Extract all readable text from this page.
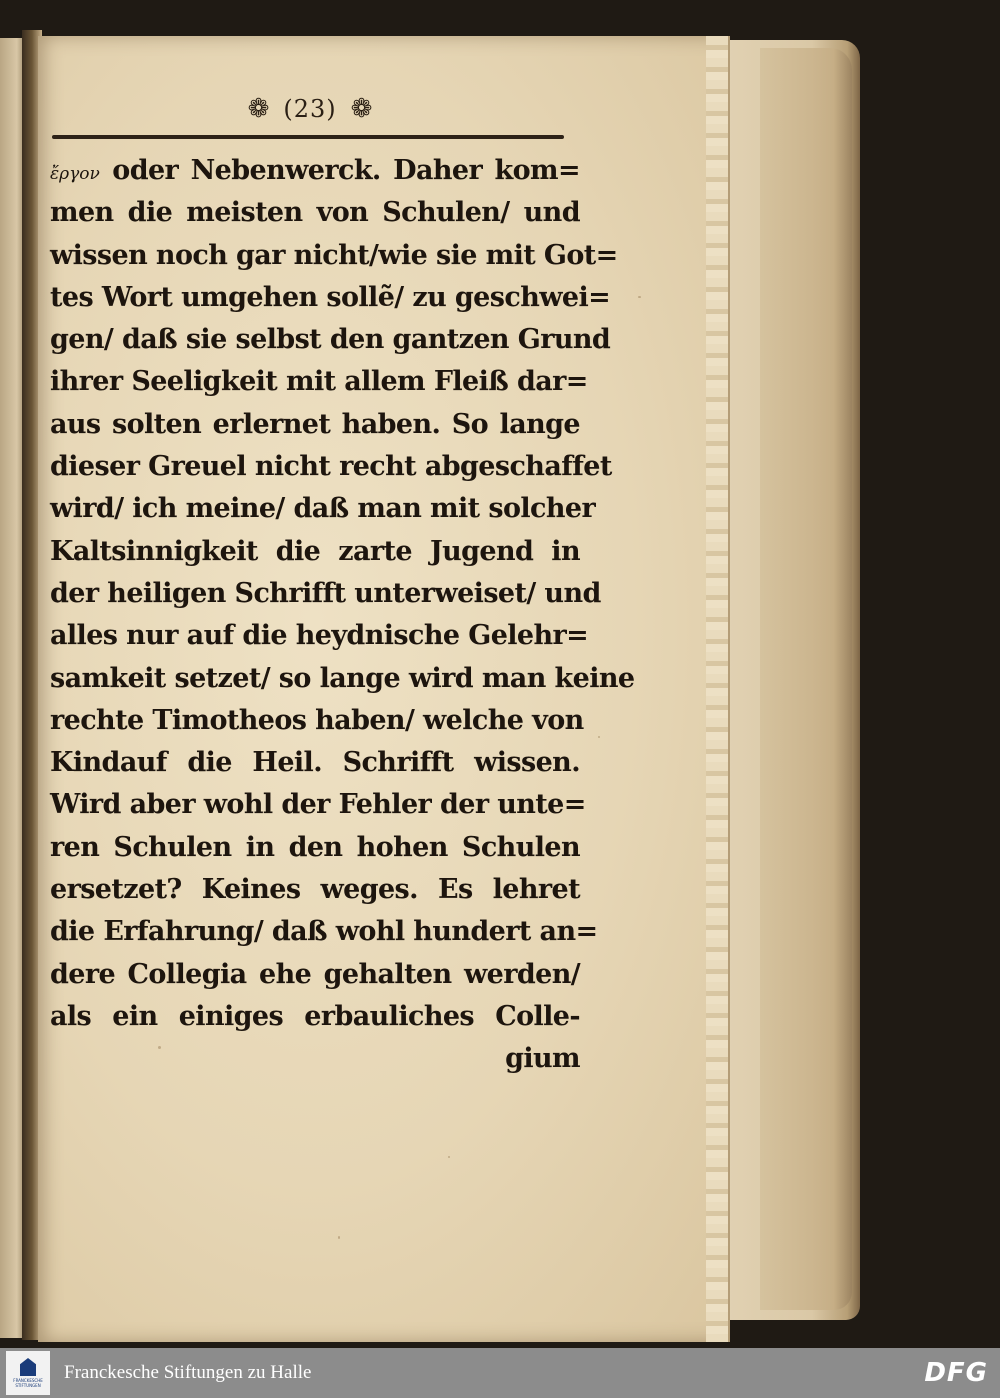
❁ (23) ❁
ἔργον oder Nebenwerck. Daher kom=
men die meisten von Schulen/ und
wissen noch gar nicht/wie sie mit Got=
tes Wort umgehen sollẽ/ zu geschwei=
gen/ daß sie selbst den gantzen Grund
ihrer Seeligkeit mit allem Fleiß dar=
aus solten erlernet haben. So lange
dieser Greuel nicht recht abgeschaffet
wird/ ich meine/ daß man mit solcher
Kaltsinnigkeit die zarte Jugend in
der heiligen Schrifft unterweiset/ und
alles nur auf die heydnische Gelehr=
samkeit setzet/ so lange wird man keine
rechte Timotheos haben/ welche von
Kindauf die Heil. Schrifft wissen.
Wird aber wohl der Fehler der unte=
ren Schulen in den hohen Schulen
ersetzet? Keines weges. Es lehret
die Erfahrung/ daß wohl hundert an=
dere Collegia ehe gehalten werden/
als ein einiges erbauliches Colle-
gium
FRANCKESCHE
STIFTUNGEN
Franckesche Stiftungen zu Halle	DFG
